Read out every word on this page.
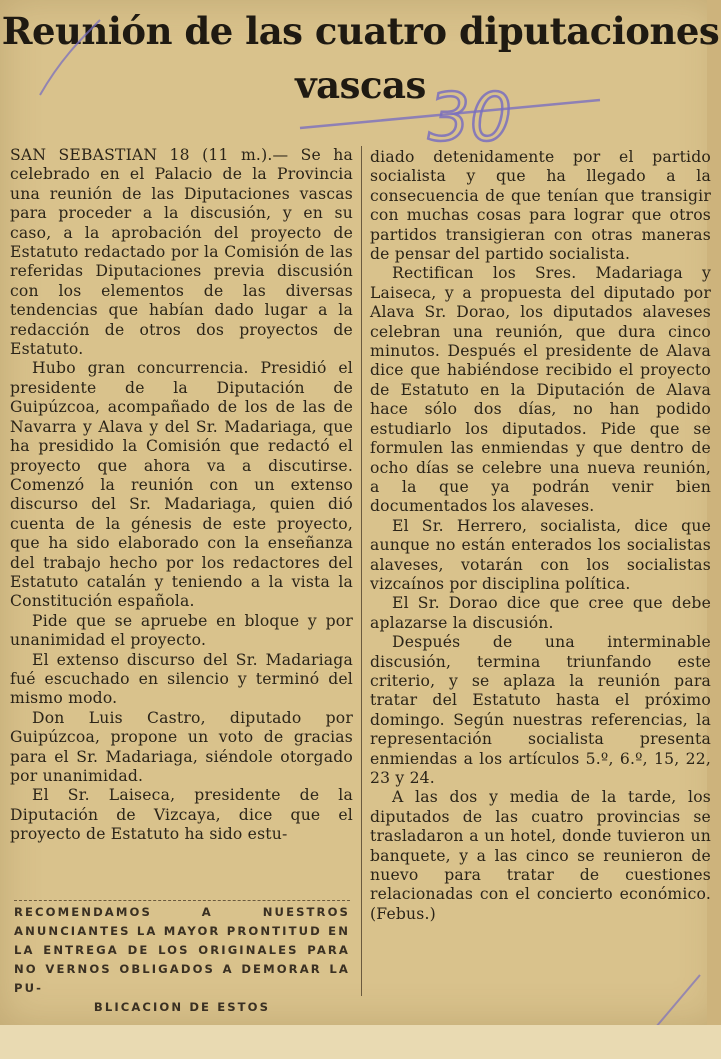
Reunión de las cuatro diputaciones
vascas

SAN SEBASTIAN 18 (11 m.).— Se ha celebrado en el Palacio de la Provincia una reunión de las Diputaciones vascas para proceder a la discusión, y en su caso, a la aprobación del proyecto de Estatuto redactado por la Comisión de las referidas Diputaciones previa discusión con los elementos de las diversas tendencias que habían dado lugar a la redacción de otros dos proyectos de Estatuto.

Hubo gran concurrencia. Presidió el presidente de la Diputación de Guipúzcoa, acompañado de los de las de Navarra y Alava y del Sr. Madariaga, que ha presidido la Comisión que redactó el proyecto que ahora va a discutirse. Comenzó la reunión con un extenso discurso del Sr. Madariaga, quien dió cuenta de la génesis de este proyecto, que ha sido elaborado con la enseñanza del trabajo hecho por los redactores del Estatuto catalán y teniendo a la vista la Constitución española.

Pide que se apruebe en bloque y por unanimidad el proyecto.

El extenso discurso del Sr. Madariaga fué escuchado en silencio y terminó del mismo modo.

Don Luis Castro, diputado por Guipúzcoa, propone un voto de gracias para el Sr. Madariaga, siéndole otorgado por unanimidad.

El Sr. Laiseca, presidente de la Diputación de Vizcaya, dice que el proyecto de Estatuto ha sido estu-

diado detenidamente por el partido socialista y que ha llegado a la consecuencia de que tenían que transigir con muchas cosas para lograr que otros partidos transigieran con otras maneras de pensar del partido socialista.

Rectifican los Sres. Madariaga y Laiseca, y a propuesta del diputado por Alava Sr. Dorao, los diputados alaveses celebran una reunión, que dura cinco minutos. Después el presidente de Alava dice que habiéndose recibido el proyecto de Estatuto en la Diputación de Alava hace sólo dos días, no han podido estudiarlo los diputados. Pide que se formulen las enmiendas y que dentro de ocho días se celebre una nueva reunión, a la que ya podrán venir bien documentados los alaveses.

El Sr. Herrero, socialista, dice que aunque no están enterados los socialistas alaveses, votarán con los socialistas vizcaínos por disciplina política.

El Sr. Dorao dice que cree que debe aplazarse la discusión.

Después de una interminable discusión, termina triunfando este criterio, y se aplaza la reunión para tratar del Estatuto hasta el próximo domingo. Según nuestras referencias, la representación socialista presenta enmiendas a los artículos 5.º, 6.º, 15, 22, 23 y 24.

A las dos y media de la tarde, los diputados de las cuatro provincias se trasladaron a un hotel, donde tuvieron un banquete, y a las cinco se reunieron de nuevo para tratar de cuestiones relacionadas con el concierto económico. (Febus.)

RECOMENDAMOS A NUESTROS ANUNCIANTES LA MAYOR PRONTITUD EN LA ENTREGA DE LOS ORIGINALES PARA NO VERNOS OBLIGADOS A DEMORAR LA PU-
BLICACION DE ESTOS
30
